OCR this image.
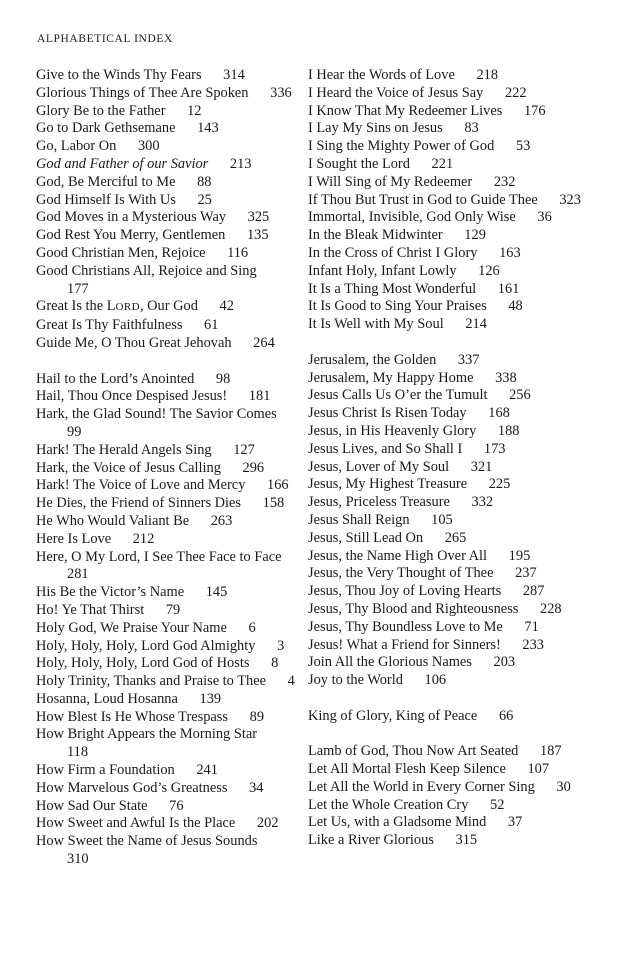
ALPHABETICAL INDEX
Give to the Winds Thy Fears 314
Glorious Things of Thee Are Spoken 336
Glory Be to the Father 12
Go to Dark Gethsemane 143
Go, Labor On 300
God and Father of our Savior 213
God, Be Merciful to Me 88
God Himself Is With Us 25
God Moves in a Mysterious Way 325
God Rest You Merry, Gentlemen 135
Good Christian Men, Rejoice 116
Good Christians All, Rejoice and Sing 177
Great Is the LORD, Our God 42
Great Is Thy Faithfulness 61
Guide Me, O Thou Great Jehovah 264
Hail to the Lord’s Anointed 98
Hail, Thou Once Despised Jesus! 181
Hark, the Glad Sound! The Savior Comes 99
Hark! The Herald Angels Sing 127
Hark, the Voice of Jesus Calling 296
Hark! The Voice of Love and Mercy 166
He Dies, the Friend of Sinners Dies 158
He Who Would Valiant Be 263
Here Is Love 212
Here, O My Lord, I See Thee Face to Face 281
His Be the Victor’s Name 145
Ho! Ye That Thirst 79
Holy God, We Praise Your Name 6
Holy, Holy, Holy, Lord God Almighty 3
Holy, Holy, Holy, Lord God of Hosts 8
Holy Trinity, Thanks and Praise to Thee 4
Hosanna, Loud Hosanna 139
How Blest Is He Whose Trespass 89
How Bright Appears the Morning Star 118
How Firm a Foundation 241
How Marvelous God’s Greatness 34
How Sad Our State 76
How Sweet and Awful Is the Place 202
How Sweet the Name of Jesus Sounds 310
I Hear the Words of Love 218
I Heard the Voice of Jesus Say 222
I Know That My Redeemer Lives 176
I Lay My Sins on Jesus 83
I Sing the Mighty Power of God 53
I Sought the Lord 221
I Will Sing of My Redeemer 232
If Thou But Trust in God to Guide Thee 323
Immortal, Invisible, God Only Wise 36
In the Bleak Midwinter 129
In the Cross of Christ I Glory 163
Infant Holy, Infant Lowly 126
It Is a Thing Most Wonderful 161
It Is Good to Sing Your Praises 48
It Is Well with My Soul 214
Jerusalem, the Golden 337
Jerusalem, My Happy Home 338
Jesus Calls Us O’er the Tumult 256
Jesus Christ Is Risen Today 168
Jesus, in His Heavenly Glory 188
Jesus Lives, and So Shall I 173
Jesus, Lover of My Soul 321
Jesus, My Highest Treasure 225
Jesus, Priceless Treasure 332
Jesus Shall Reign 105
Jesus, Still Lead On 265
Jesus, the Name High Over All 195
Jesus, the Very Thought of Thee 237
Jesus, Thou Joy of Loving Hearts 287
Jesus, Thy Blood and Righteousness 228
Jesus, Thy Boundless Love to Me 71
Jesus! What a Friend for Sinners! 233
Join All the Glorious Names 203
Joy to the World 106
King of Glory, King of Peace 66
Lamb of God, Thou Now Art Seated 187
Let All Mortal Flesh Keep Silence 107
Let All the World in Every Corner Sing 30
Let the Whole Creation Cry 52
Let Us, with a Gladsome Mind 37
Like a River Glorious 315
